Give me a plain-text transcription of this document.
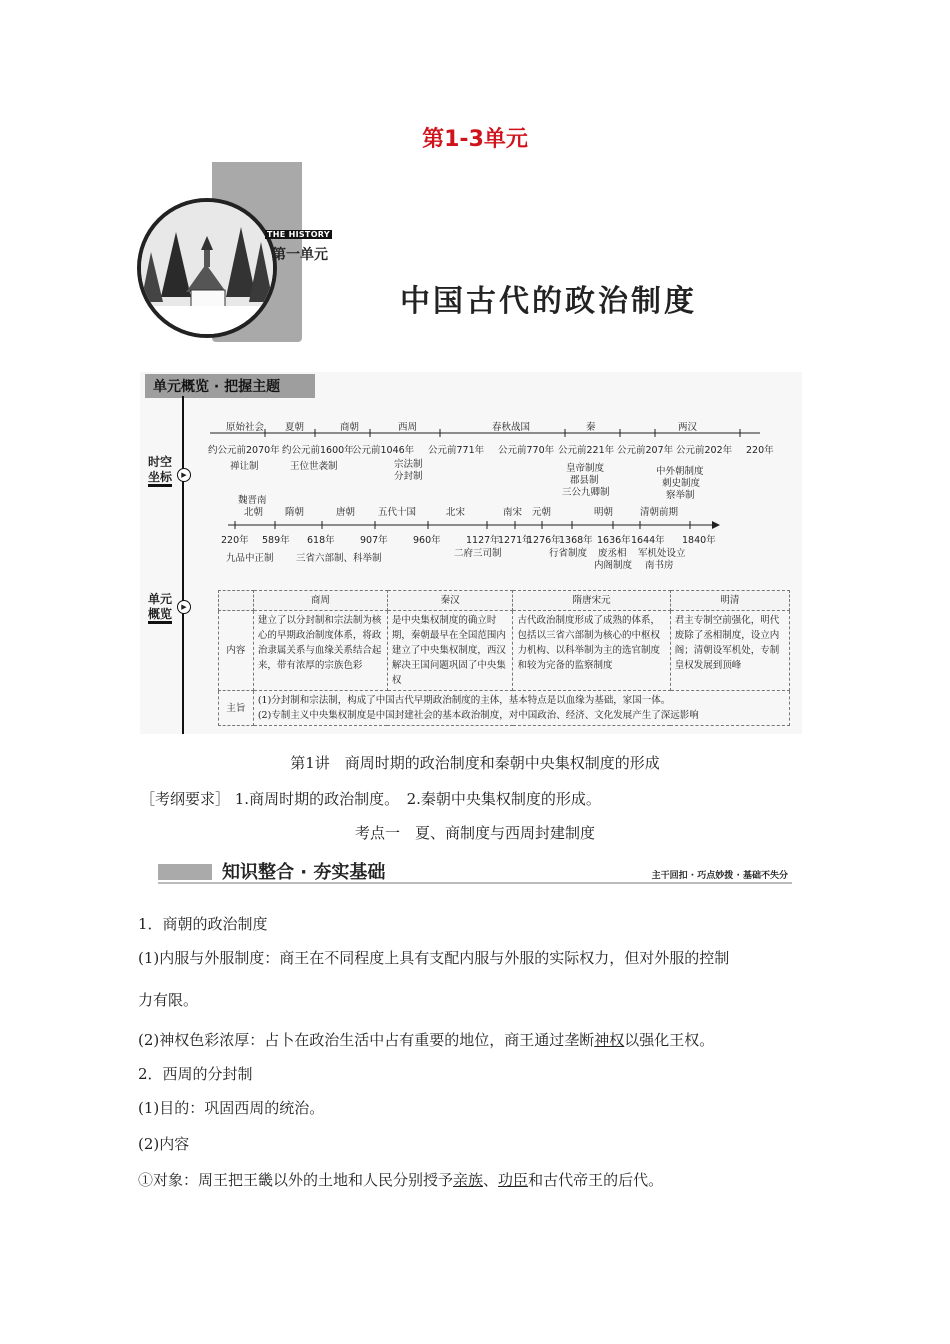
第1-3单元
THE HISTORY
第一单元
中国古代的政治制度
单元概览 · 把握主题
时空
坐标	▶
单元
概览	▶
原始社会 夏朝	商朝	西周	春秋战国	秦	两汉
约公元前2070年 约公元前1600年
公元前1046年 公元前771年 公元前770年 公元前221年 公元前207年 公元前202年 220年
禅让制	王位世袭制	宗法制
分封制
皇帝制度
郡县制
三公九卿制
中外朝制度
刺史制度
察举制
魏晋南
北朝 隋朝	唐朝 五代十国	北宋	南宋 元朝	明朝	清朝前期
220年 589年 618年	907年	960年	1127年
1271年
1276年
1368年 1636年 1644年 1840年
九品中正制 三省六部制、科举制	二府三司制	行省制度 废丞相
内阁制度
军机处设立
南书房
	商周	秦汉	隋唐宋元	明清
内容	建立了以分封制和宗法制为核心的早期政治制度体系，将政治隶属关系与血缘关系结合起来，带有浓厚的宗族色彩	是中央集权制度的确立时期，秦朝最早在全国范围内建立了中央集权制度，西汉解决王国问题巩固了中央集权	古代政治制度形成了成熟的体系，包括以三省六部制为核心的中枢权力机构、以科举制为主的选官制度和较为完备的监察制度	君主专制空前强化，明代废除了丞相制度，设立内阁；清朝设军机处，专制皇权发展到顶峰
主旨	(1)分封制和宗法制，构成了中国古代早期政治制度的主体，基本特点是以血缘为基础，家国一体。
(2)专制主义中央集权制度是中国封建社会的基本政治制度，对中国政治、经济、文化发展产生了深远影响			
第1讲　商周时期的政治制度和秦朝中央集权制度的形成
［考纲要求］ 1.商周时期的政治制度。　2.秦朝中央集权制度的形成。
考点一　夏、商制度与西周封建制度
知识整合 · 夯实基础	主干回扣 · 巧点妙拨 · 基础不失分
1．商朝的政治制度
(1)内服与外服制度：商王在不同程度上具有支配内服与外服的实际权力，但对外服的控制
力有限。
(2)神权色彩浓厚：占卜在政治生活中占有重要的地位，商王通过垄断神权以强化王权。
2．西周的分封制
(1)目的：巩固西周的统治。
(2)内容
①对象：周王把王畿以外的土地和人民分别授予亲族、功臣和古代帝王的后代。
